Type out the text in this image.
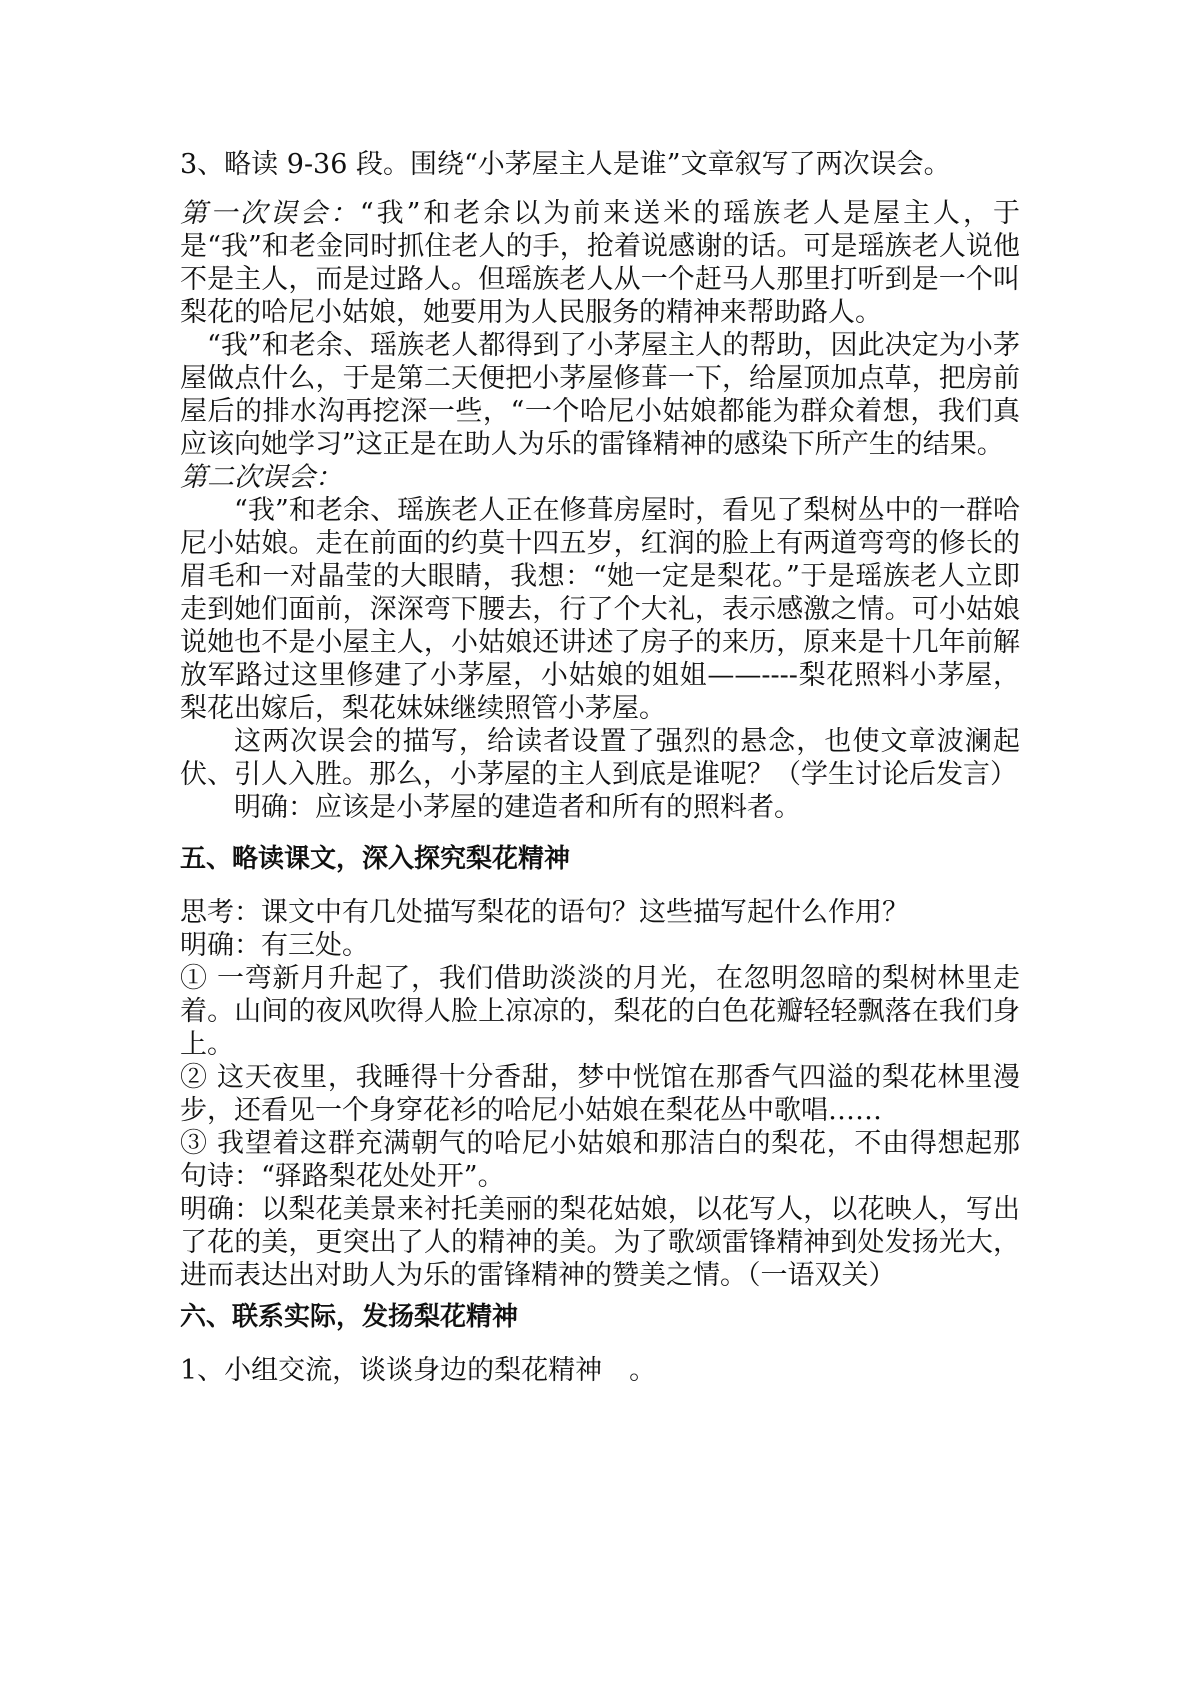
3、略读 9-36 段。围绕“小茅屋主人是谁”文章叙写了两次误会。

第一次误会：“我”和老余以为前来送米的瑶族老人是屋主人，于是“我”和老金同时抓住老人的手，抢着说感谢的话。可是瑶族老人说他不是主人，而是过路人。但瑶族老人从一个赶马人那里打听到是一个叫梨花的哈尼小姑娘，她要用为人民服务的精神来帮助路人。

“我”和老余、瑶族老人都得到了小茅屋主人的帮助，因此决定为小茅屋做点什么，于是第二天便把小茅屋修葺一下，给屋顶加点草，把房前屋后的排水沟再挖深一些，“一个哈尼小姑娘都能为群众着想，我们真应该向她学习”这正是在助人为乐的雷锋精神的感染下所产生的结果。

第二次误会：

“我”和老余、瑶族老人正在修葺房屋时，看见了梨树丛中的一群哈尼小姑娘。走在前面的约莫十四五岁，红润的脸上有两道弯弯的修长的眉毛和一对晶莹的大眼睛，我想：“她一定是梨花。”于是瑶族老人立即走到她们面前，深深弯下腰去，行了个大礼，表示感激之情。可小姑娘说她也不是小屋主人，小姑娘还讲述了房子的来历，原来是十几年前解放军路过这里修建了小茅屋，小姑娘的姐姐——----梨花照料小茅屋，梨花出嫁后，梨花妹妹继续照管小茅屋。

这两次误会的描写，给读者设置了强烈的悬念，也使文章波澜起伏、引人入胜。那么，小茅屋的主人到底是谁呢？（学生讨论后发言）

明确：应该是小茅屋的建造者和所有的照料者。

五、略读课文，深入探究梨花精神

思考：课文中有几处描写梨花的语句？这些描写起什么作用？

明确：有三处。

① 一弯新月升起了，我们借助淡淡的月光，在忽明忽暗的梨树林里走着。山间的夜风吹得人脸上凉凉的，梨花的白色花瓣轻轻飘落在我们身上。

② 这天夜里，我睡得十分香甜，梦中恍馆在那香气四溢的梨花林里漫步，还看见一个身穿花衫的哈尼小姑娘在梨花丛中歌唱……

③ 我望着这群充满朝气的哈尼小姑娘和那洁白的梨花，不由得想起那句诗：“驿路梨花处处开”。

明确：以梨花美景来衬托美丽的梨花姑娘，以花写人，以花映人，写出了花的美，更突出了人的精神的美。为了歌颂雷锋精神到处发扬光大，进而表达出对助人为乐的雷锋精神的赞美之情。（一语双关）

六、联系实际，发扬梨花精神

1、小组交流，谈谈身边的梨花精神　。
